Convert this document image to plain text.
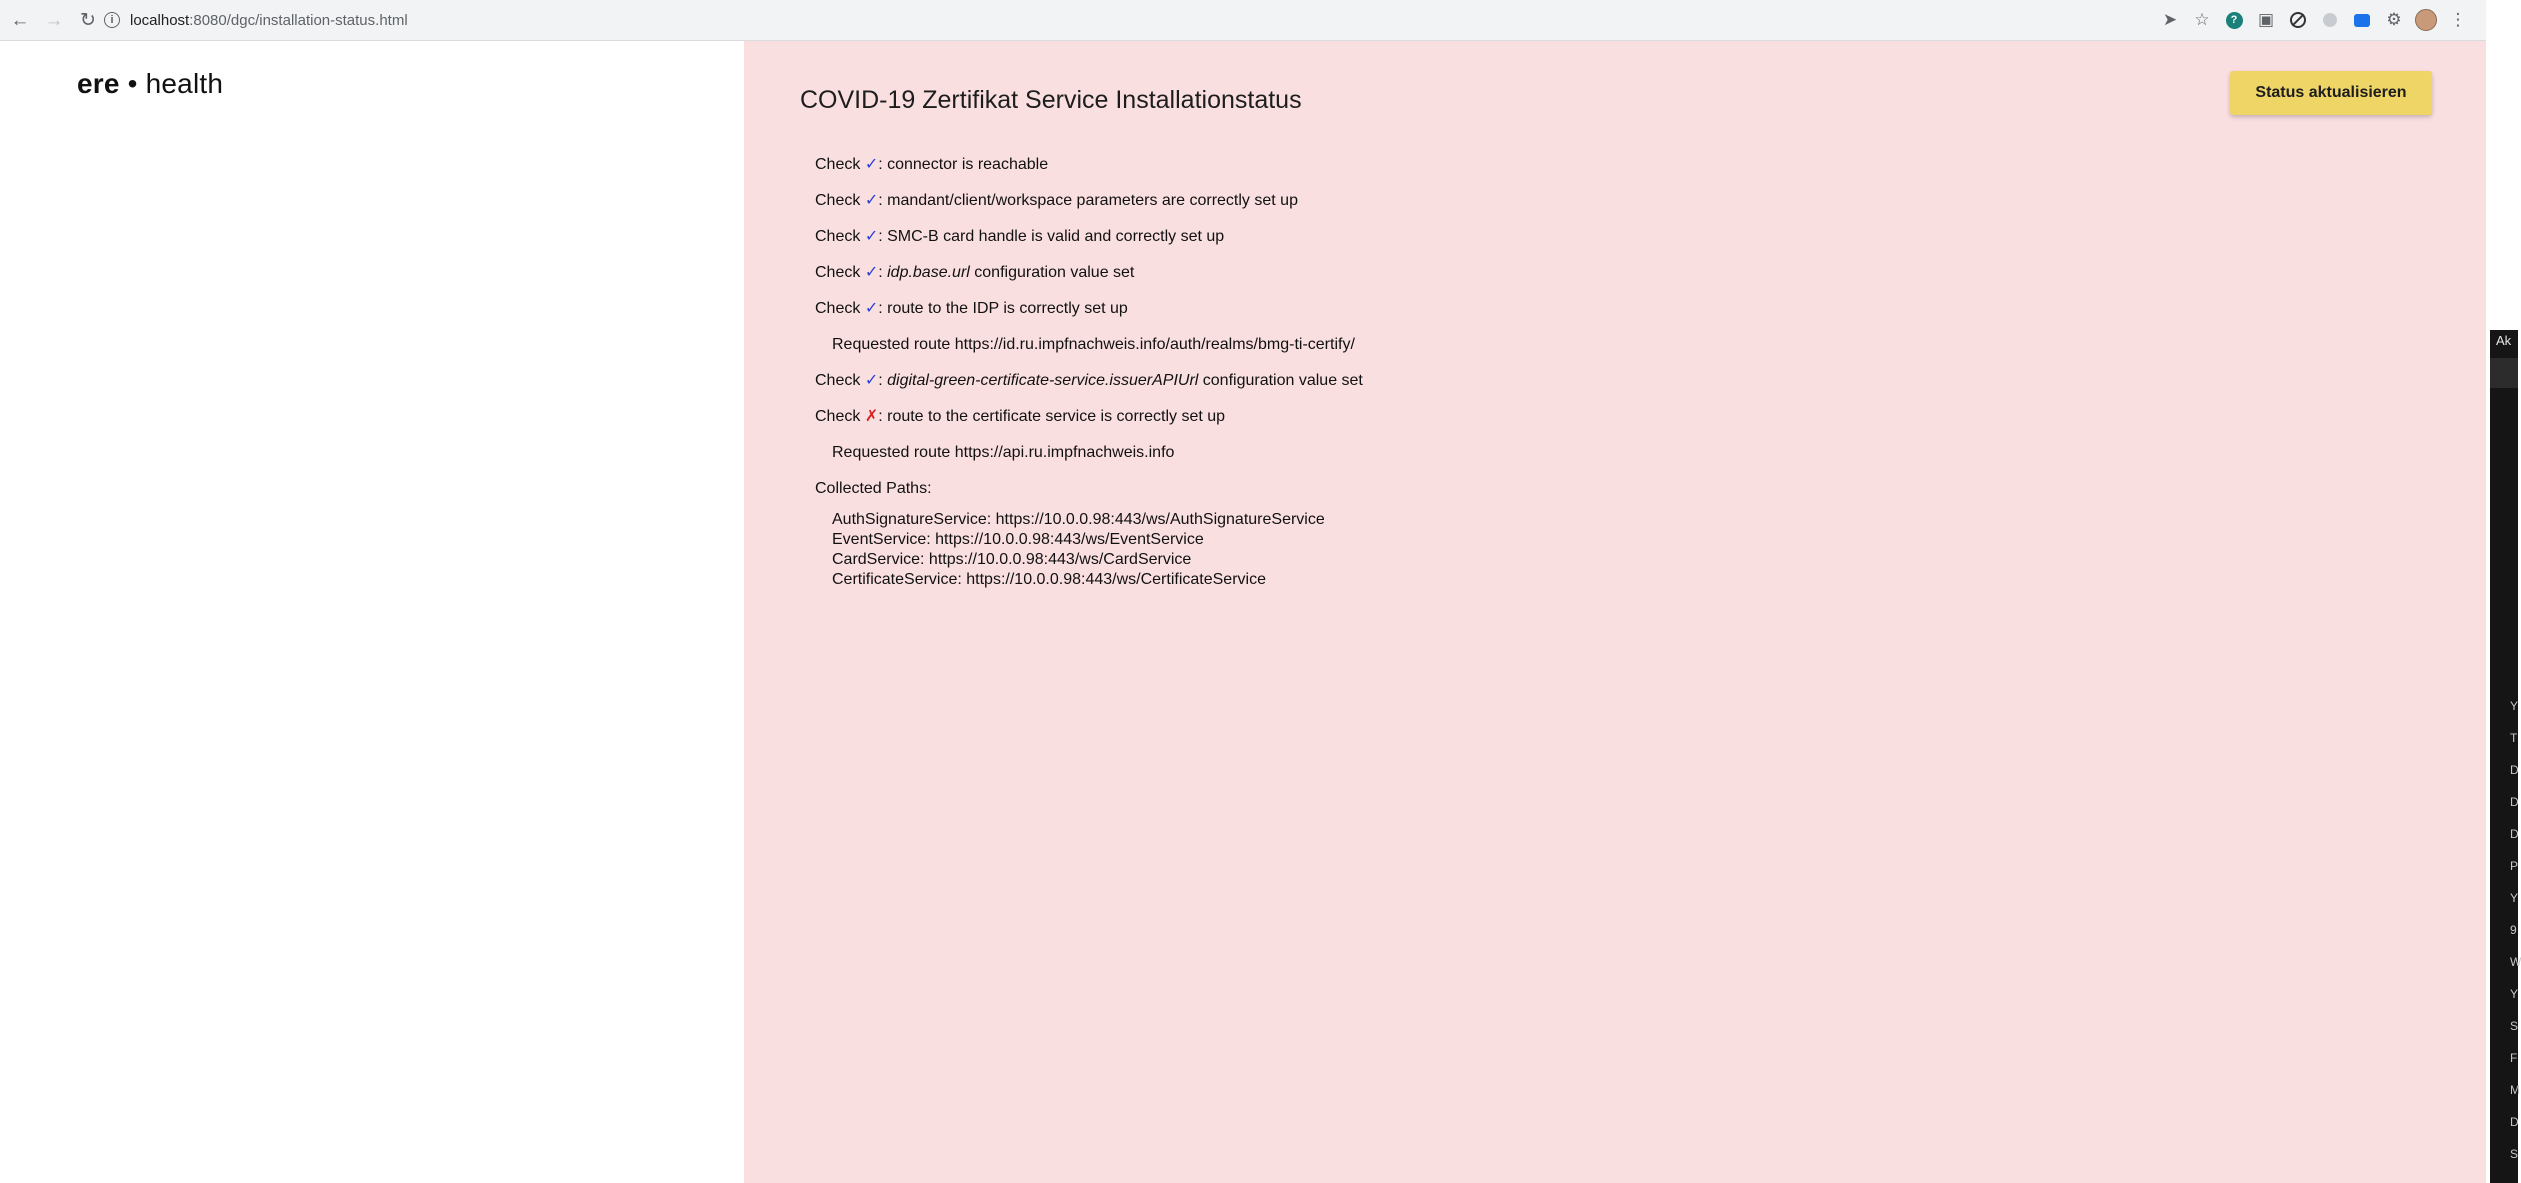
← → ↻	i	localhost :8080/dgc/installation-status.html	➤	☆	?	▣	⚙	⋮
ere • health
COVID-19 Zertifikat Service Installationstatus	Status aktualisieren
Check ✓: connector is reachable
Check ✓: mandant/client/workspace parameters are correctly set up
Check ✓: SMC-B card handle is valid and correctly set up
Check ✓: idp.base.url configuration value set
Check ✓: route to the IDP is correctly set up
Requested route https://id.ru.impfnachweis.info/auth/realms/bmg-ti-certify/
Check ✓: digital-green-certificate-service.issuerAPIUrl configuration value set
Check ✗: route to the certificate service is correctly set up
Requested route https://api.ru.impfnachweis.info
Collected Paths:
AuthSignatureService: https://10.0.0.98:443/ws/AuthSignatureService
EventService: https://10.0.0.98:443/ws/EventService
CardService: https://10.0.0.98:443/ws/CardService
CertificateService: https://10.0.0.98:443/ws/CertificateService
Ak
Y
T
D
D
D
P
Y
9
W
Y
S
F
M
D
S
